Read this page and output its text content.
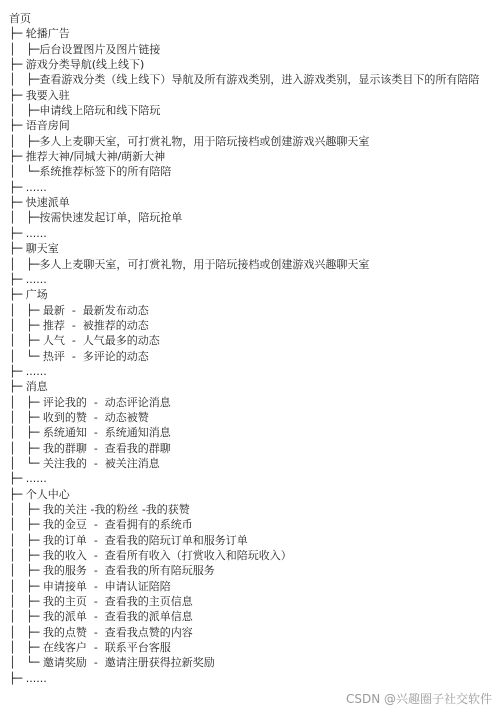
首页
├─ 轮播广告
│   ├─后台设置图片及图片链接
├─ 游戏分类导航(线上线下)
│   ├─查看游戏分类（线上线下）导航及所有游戏类别，进入游戏类别，显示该类目下的所有陪陪
├─ 我要入驻
│   ├─申请线上陪玩和线下陪玩
├─ 语音房间
│   ├─多人上麦聊天室，可打赏礼物，用于陪玩接档或创建游戏兴趣聊天室
├─ 推荐大神/同城大神/萌新大神
│   └─系统推荐标签下的所有陪陪
├─ ......
├─ 快速派单
│   ├─按需快速发起订单，陪玩抢单
├─ ......
├─ 聊天室
│   ├─多人上麦聊天室，可打赏礼物，用于陪玩接档或创建游戏兴趣聊天室
├─ ......
├─ 广场
│   ├─ 最新  -  最新发布动态
│   ├─ 推荐  -  被推荐的动态
│   ├─ 人气  -  人气最多的动态
│   └─ 热评  -  多评论的动态
├─ ......
├─ 消息
│   ├─ 评论我的  -  动态评论消息
│   ├─ 收到的赞  -  动态被赞
│   ├─ 系统通知  -  系统通知消息
│   ├─ 我的群聊  -  查看我的群聊
│   └─ 关注我的  -  被关注消息
├─ ......
├─ 个人中心
│   ├─ 我的关注 -我的粉丝 -我的获赞
│   ├─ 我的金豆  -  查看拥有的系统币
│   ├─ 我的订单  -  查看我的陪玩订单和服务订单
│   ├─ 我的收入  -  查看所有收入（打赏收入和陪玩收入）
│   ├─ 我的服务  -  查看我的所有陪玩服务
│   ├─ 申请接单  -  申请认证陪陪
│   ├─ 我的主页  -  查看我的主页信息
│   ├─ 我的派单  -  查看我的派单信息
│   ├─ 我的点赞  -  查看我点赞的内容
│   ├─ 在线客户  -  联系平台客服
│   └─ 邀请奖励  -  邀请注册获得拉新奖励
├─ ......
CSDN @兴趣圈子社交软件
